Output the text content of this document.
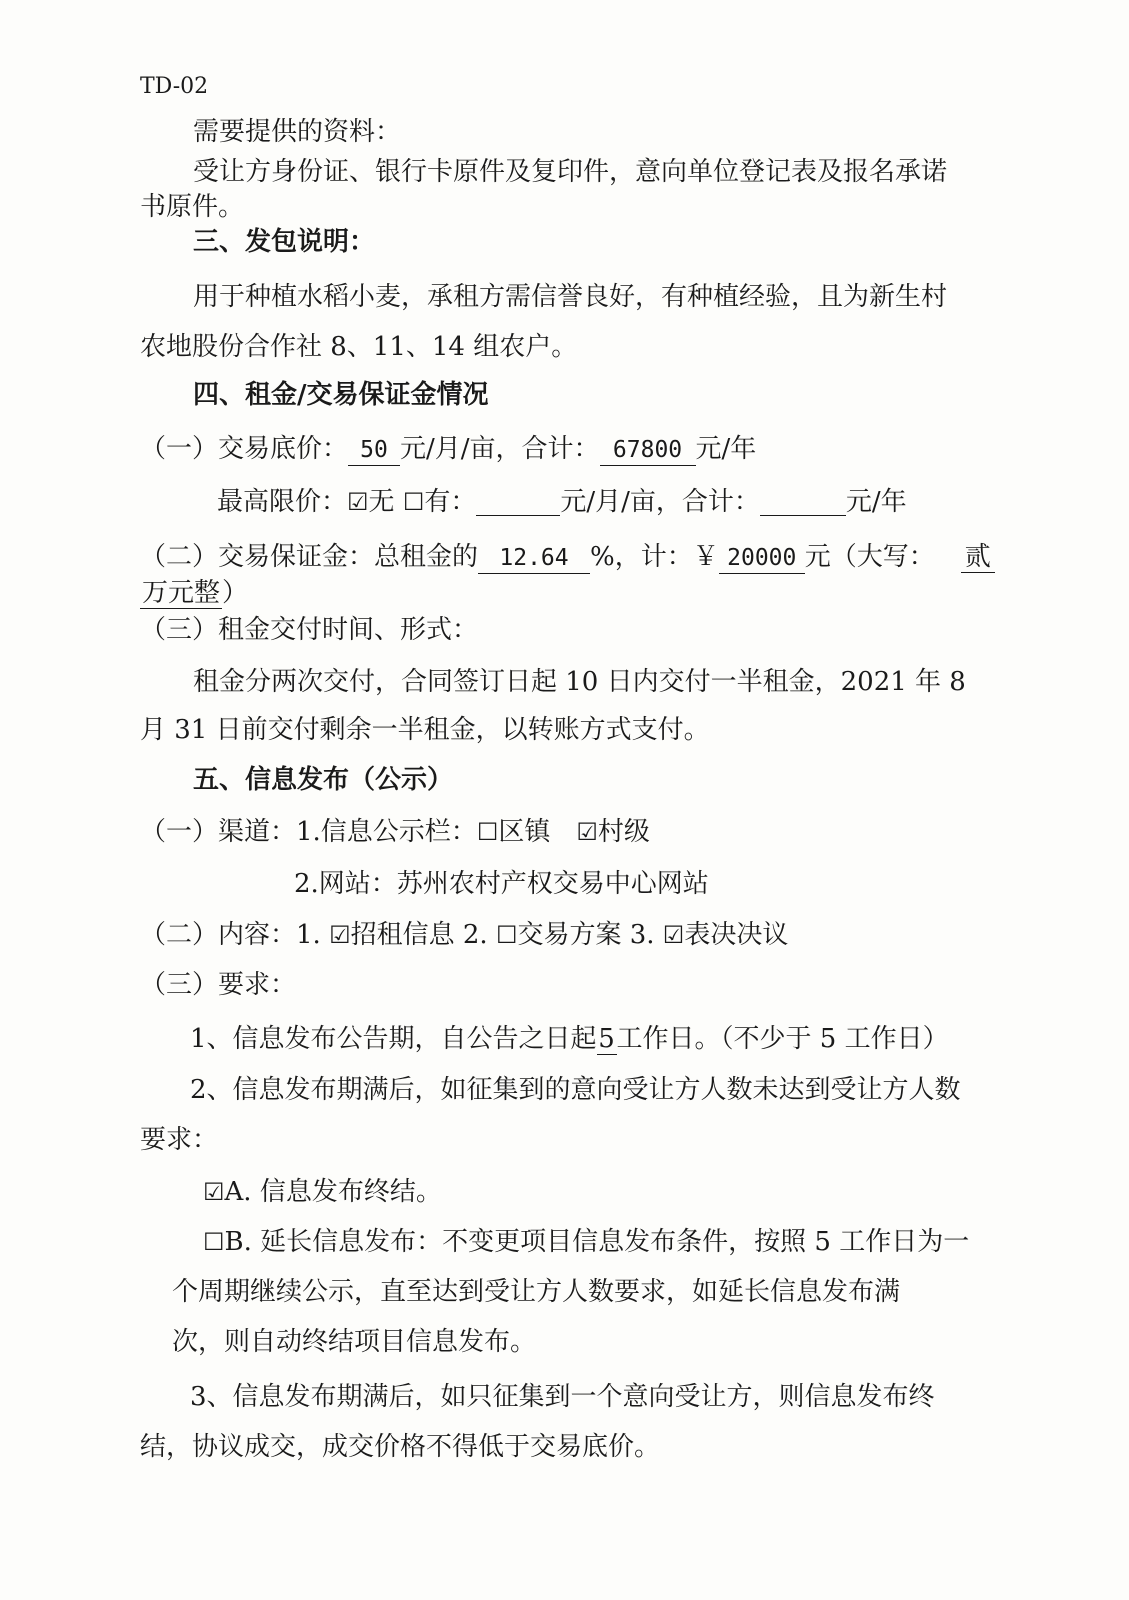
TD-02
需要提供的资料：
受让方身份证、银行卡原件及复印件，意向单位登记表及报名承诺
书原件。
三、发包说明：
用于种植水稻小麦，承租方需信誉良好，有种植经验，且为新生村
农地股份合作社 8、11、14 组农户。
四、租金/交易保证金情况
（一）交易底价： 50 元/月/亩，合计： 67800 元/年
最高限价：☑无 ☐有：	元/月/亩，合计：	元/年
（二）交易保证金：总租金的 12.64 %，计：￥ 20000 元（大写： 贰
万元整）
（三）租金交付时间、形式：
租金分两次交付，合同签订日起 10 日内交付一半租金，2021 年 8
月 31 日前交付剩余一半租金，以转账方式支付。
五、信息发布（公示）
（一）渠道：1.信息公示栏：☐区镇 ☑村级
2.网站：苏州农村产权交易中心网站
（二）内容：1. ☑招租信息 2. ☐交易方案 3. ☑表决决议
（三）要求：
1、信息发布公告期，自公告之日起5工作日。（不少于 5 工作日）
2、信息发布期满后，如征集到的意向受让方人数未达到受让方人数
要求：
☑A. 信息发布终结。
☐B. 延长信息发布：不变更项目信息发布条件，按照 5 工作日为一
个周期继续公示，直至达到受让方人数要求，如延长信息发布满
次，则自动终结项目信息发布。
3、信息发布期满后，如只征集到一个意向受让方，则信息发布终
结，协议成交，成交价格不得低于交易底价。
